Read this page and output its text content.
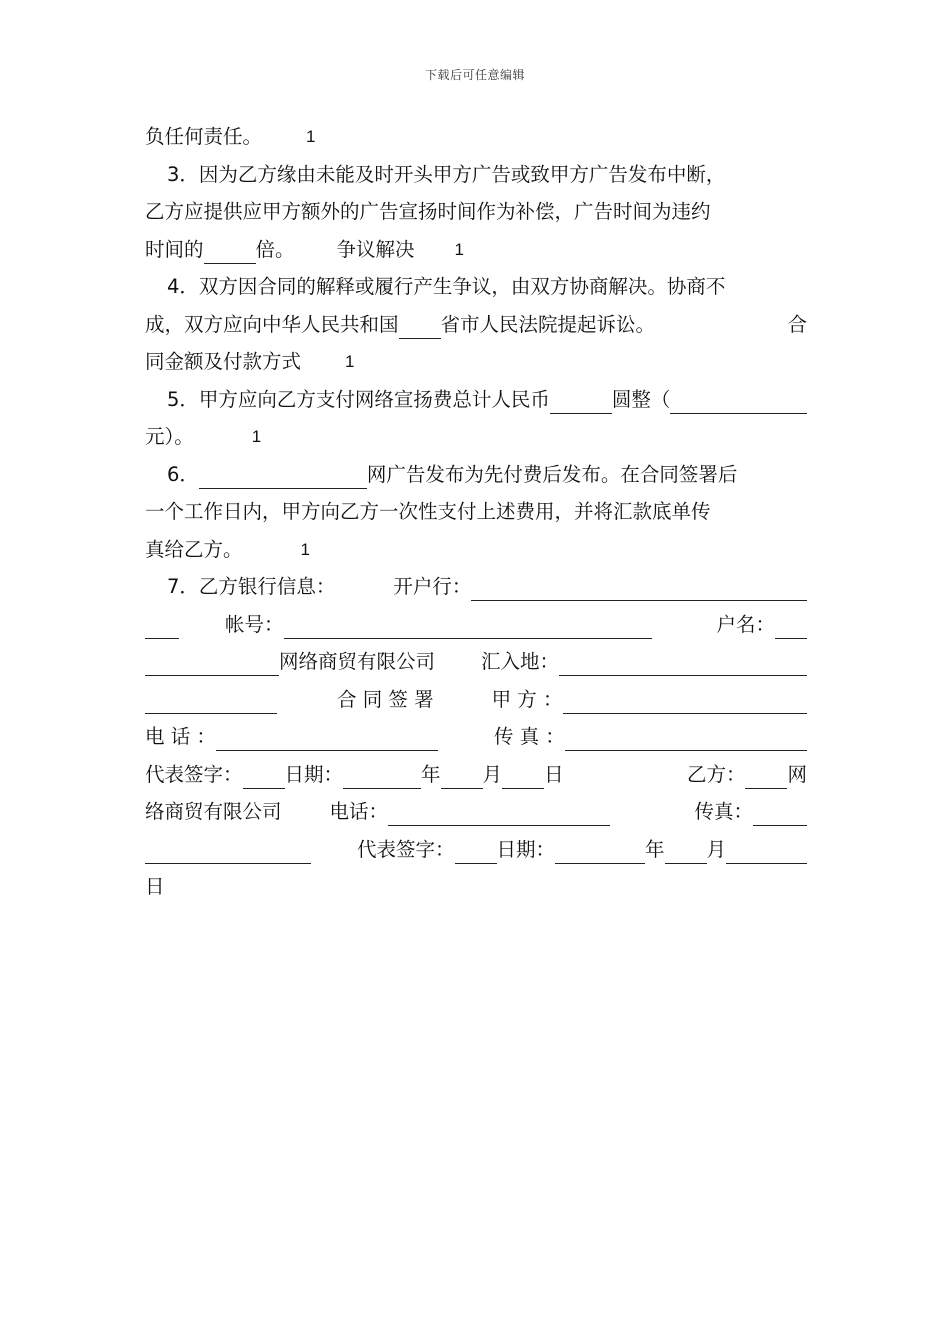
下载后可任意编辑
负任何责任。	1
3．因为乙方缘由未能及时开头甲方广告或致甲方广告发布中断，
乙方应提供应甲方额外的广告宣扬时间作为补偿，广告时间为违约
时间的	倍。 争议解决 1
4．双方因合同的解释或履行产生争议，由双方协商解决。协商不
成，双方应向中华人民共和国 省市人民法院提起诉讼。	合
同金额及付款方式	1
5．甲方应向乙方支付网络宣扬费总计人民币	圆整（
元）。	1
6．	网广告发布为先付费后发布。在合同签署后
一个工作日内，甲方向乙方一次性支付上述费用，并将汇款底单传
真给乙方。	1
7．乙方银行信息：	开户行：
帐号：	户名：
网络商贸有限公司 汇入地：
合 同 签 署	甲 方 ：
电 话 ：	传 真 ：
代表签字： 日期：	年 月 日	乙方： 网
络商贸有限公司 电话：	传真：
代表签字： 日期：	年 月
日
